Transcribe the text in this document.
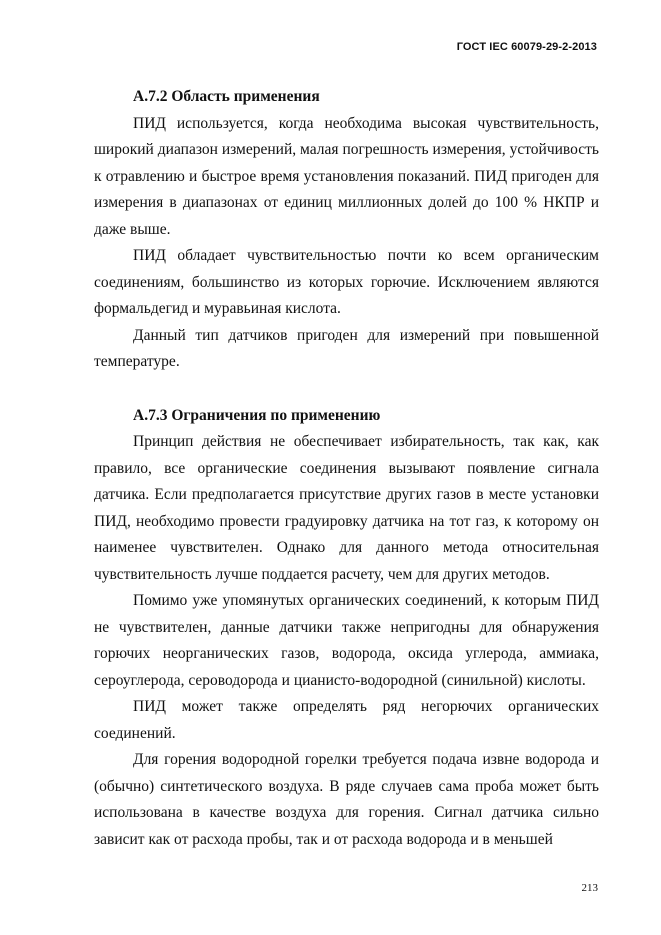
ГОСТ IEC 60079-29-2-2013

А.7.2 Область применения

ПИД используется, когда необходима высокая чувствительность, широкий диапазон измерений, малая погрешность измерения, устойчивость к отравлению и быстрое время установления показаний. ПИД пригоден для измерения в диапазонах от единиц миллионных долей до 100 % НКПР и даже выше.

ПИД обладает чувствительностью почти ко всем органическим соединениям, большинство из которых горючие. Исключением являются формальдегид и муравьиная кислота.

Данный тип датчиков пригоден для измерений при повышенной температуре.

А.7.3 Ограничения по применению

Принцип действия не обеспечивает избирательность, так как, как правило, все органические соединения вызывают появление сигнала датчика. Если предполагается присутствие других газов в месте установки ПИД, необходимо провести градуировку датчика на тот газ, к которому он наименее чувствителен. Однако для данного метода относительная чувствительность лучше поддается расчету, чем для других методов.

Помимо уже упомянутых органических соединений, к которым ПИД не чувствителен, данные датчики также непригодны для обнаружения горючих неорганических газов, водорода, оксида углерода, аммиака, сероуглерода, сероводорода и цианисто-водородной (синильной) кислоты.

ПИД может также определять ряд негорючих органических соединений.

Для горения водородной горелки требуется подача извне водорода и (обычно) синтетического воздуха. В ряде случаев сама проба может быть использована в качестве воздуха для горения. Сигнал датчика сильно зависит как от расхода пробы, так и от расхода водорода и в меньшей

213
